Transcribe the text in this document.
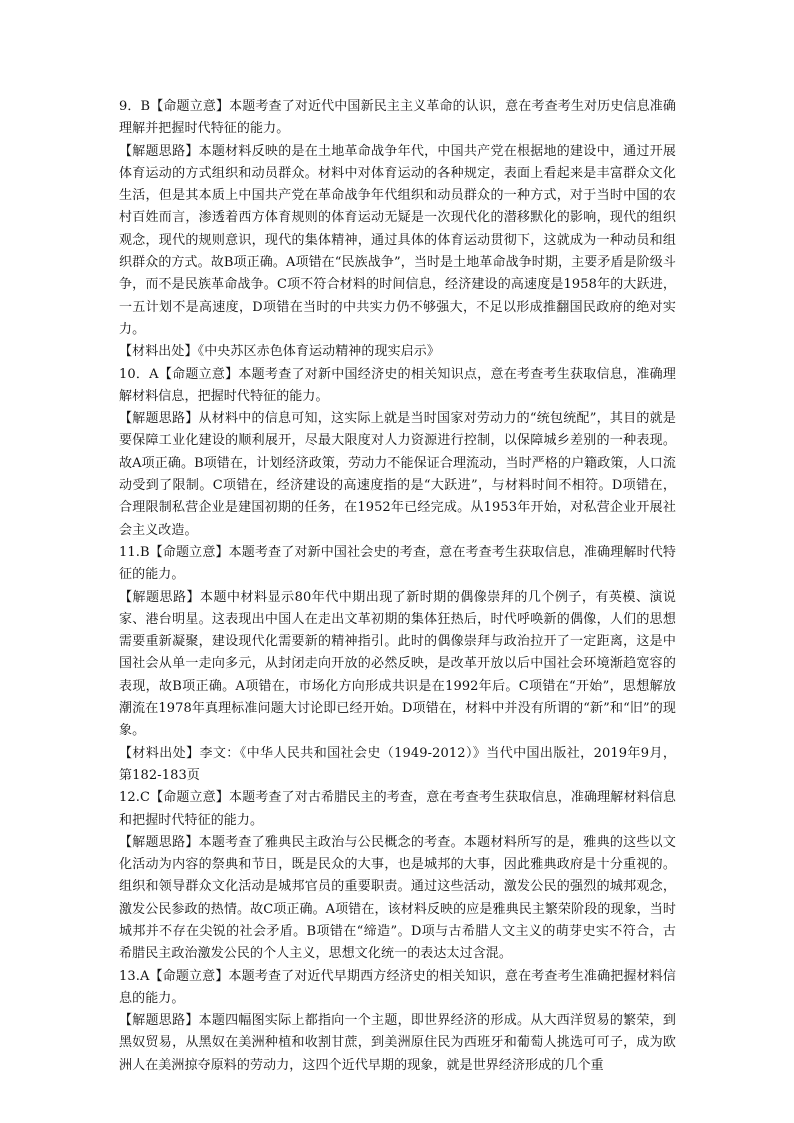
9．B【命题立意】本题考查了对近代中国新民主主义革命的认识，意在考查考生对历史信息准确理解并把握时代特征的能力。

【解题思路】本题材料反映的是在土地革命战争年代，中国共产党在根据地的建设中，通过开展体育运动的方式组织和动员群众。材料中对体育运动的各种规定，表面上看起来是丰富群众文化生活，但是其本质上中国共产党在革命战争年代组织和动员群众的一种方式，对于当时中国的农村百姓而言，渗透着西方体育规则的体育运动无疑是一次现代化的潜移默化的影响，现代的组织观念，现代的规则意识，现代的集体精神，通过具体的体育运动贯彻下，这就成为一种动员和组织群众的方式。故B项正确。A项错在“民族战争”，当时是土地革命战争时期，主要矛盾是阶级斗争，而不是民族革命战争。C项不符合材料的时间信息，经济建设的高速度是1958年的大跃进，一五计划不是高速度，D项错在当时的中共实力仍不够强大，不足以形成推翻国民政府的绝对实力。

【材料出处】《中央苏区赤色体育运动精神的现实启示》

10．A【命题立意】本题考查了对新中国经济史的相关知识点，意在考查考生获取信息，准确理解材料信息，把握时代特征的能力。

【解题思路】从材料中的信息可知，这实际上就是当时国家对劳动力的“统包统配”，其目的就是要保障工业化建设的顺利展开，尽最大限度对人力资源进行控制，以保障城乡差别的一种表现。故A项正确。B项错在，计划经济政策，劳动力不能保证合理流动，当时严格的户籍政策，人口流动受到了限制。C项错在，经济建设的高速度指的是“大跃进”，与材料时间不相符。D项错在，合理限制私营企业是建国初期的任务，在1952年已经完成。从1953年开始，对私营企业开展社会主义改造。

11.B【命题立意】本题考查了对新中国社会史的考查，意在考查考生获取信息，准确理解时代特征的能力。

【解题思路】本题中材料显示80年代中期出现了新时期的偶像崇拜的几个例子，有英模、演说家、港台明星。这表现出中国人在走出文革初期的集体狂热后，时代呼唤新的偶像，人们的思想需要重新凝聚，建设现代化需要新的精神指引。此时的偶像崇拜与政治拉开了一定距离，这是中国社会从单一走向多元，从封闭走向开放的必然反映，是改革开放以后中国社会环境渐趋宽容的表现，故B项正确。A项错在，市场化方向形成共识是在1992年后。C项错在“开始”，思想解放潮流在1978年真理标准问题大讨论即已经开始。D项错在，材料中并没有所谓的“新”和“旧”的现象。

【材料出处】李文：《中华人民共和国社会史（1949-2012）》当代中国出版社，2019年9月，第182-183页

12.C【命题立意】本题考查了对古希腊民主的考查，意在考查考生获取信息，准确理解材料信息和把握时代特征的能力。

【解题思路】本题考查了雅典民主政治与公民概念的考查。本题材料所写的是，雅典的这些以文化活动为内容的祭典和节日，既是民众的大事，也是城邦的大事，因此雅典政府是十分重视的。组织和领导群众文化活动是城邦官员的重要职责。通过这些活动，激发公民的强烈的城邦观念，激发公民参政的热情。故C项正确。A项错在，该材料反映的应是雅典民主繁荣阶段的现象，当时城邦并不存在尖锐的社会矛盾。B项错在“缔造”。D项与古希腊人文主义的萌芽史实不符合，古希腊民主政治激发公民的个人主义，思想文化统一的表达太过含混。

13.A【命题立意】本题考查了对近代早期西方经济史的相关知识，意在考查考生准确把握材料信息的能力。

【解题思路】本题四幅图实际上都指向一个主题，即世界经济的形成。从大西洋贸易的繁荣，到黑奴贸易，从黑奴在美洲种植和收割甘蔗，到美洲原住民为西班牙和葡萄人挑选可可子，成为欧洲人在美洲掠夺原料的劳动力，这四个近代早期的现象，就是世界经济形成的几个重
